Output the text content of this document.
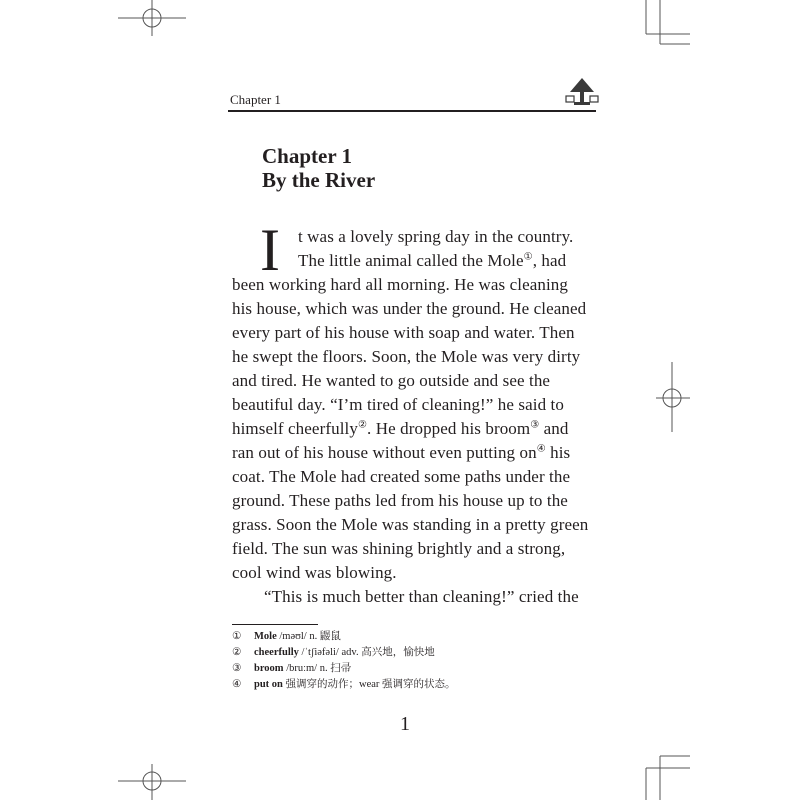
Chapter 1
Chapter 1
By the River
I	t was a lovely spring day in the country.
The little animal called the Mole①, had
been working hard all morning. He was cleaning
his house, which was under the ground. He cleaned
every part of his house with soap and water. Then
he swept the floors. Soon, the Mole was very dirty
and tired. He wanted to go outside and see the
beautiful day. “I’m tired of cleaning!” he said to
himself cheerfully②. He dropped his broom③ and
ran out of his house without even putting on④ his
coat. The Mole had created some paths under the
ground. These paths led from his house up to the
grass. Soon the Mole was standing in a pretty green
field. The sun was shining brightly and a strong,
cool wind was blowing.
“This is much better than cleaning!” cried the
① Mole /məʊl/ n. 鼹鼠
② cheerfully /ˈtʃiəfəli/ adv. 高兴地，愉快地
③ broom /bruːm/ n. 扫帚
④ put on 强调穿的动作；wear 强调穿的状态。
1
